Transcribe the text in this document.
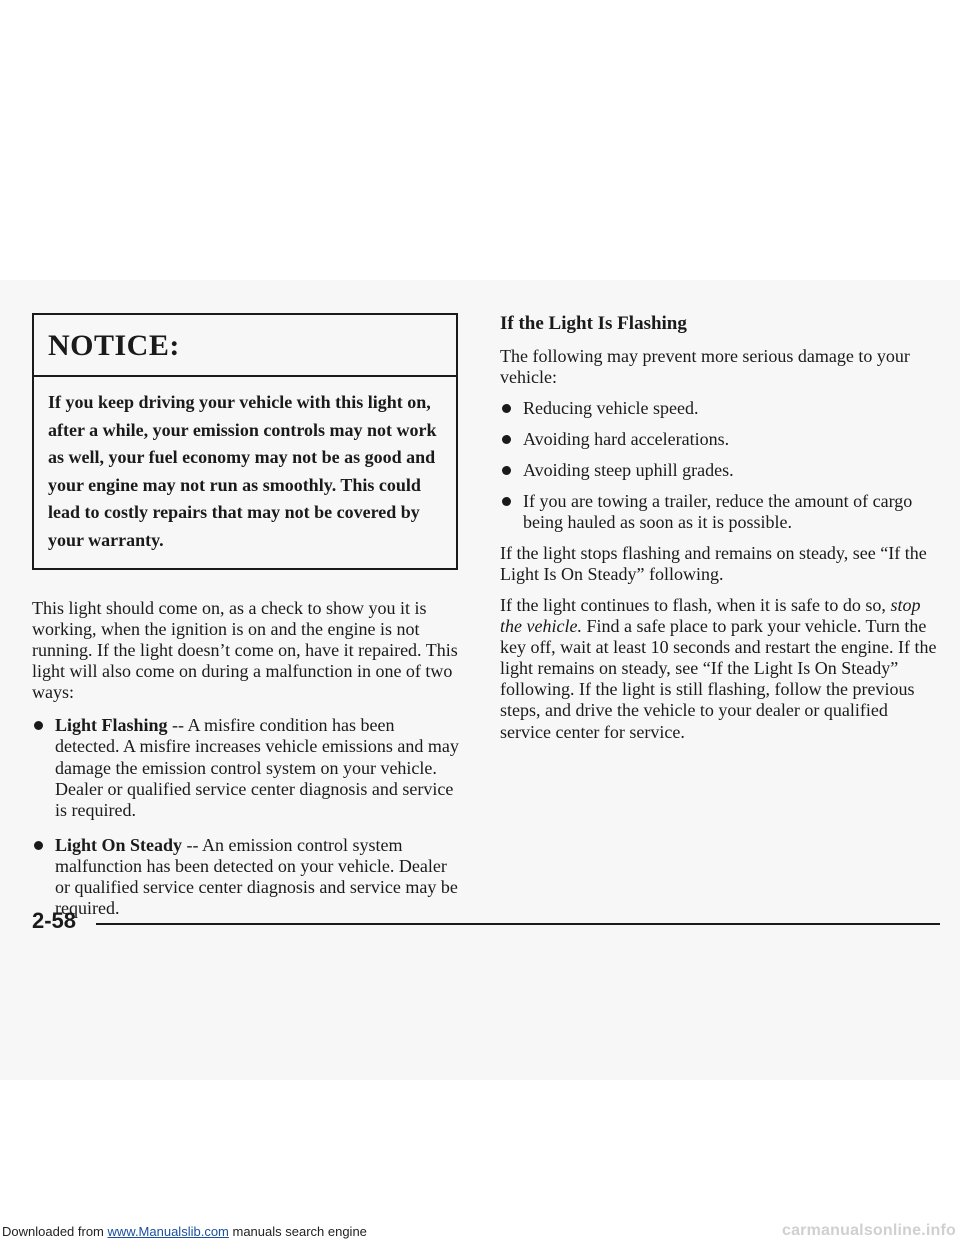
NOTICE:
If you keep driving your vehicle with this light on, after a while, your emission controls may not work as well, your fuel economy may not be as good and your engine may not run as smoothly. This could lead to costly repairs that may not be covered by your warranty.

This light should come on, as a check to show you it is working, when the ignition is on and the engine is not running. If the light doesn’t come on, have it repaired. This light will also come on during a malfunction in one of two ways:

Light Flashing -- A misfire condition has been detected. A misfire increases vehicle emissions and may damage the emission control system on your vehicle. Dealer or qualified service center diagnosis and service is required.
Light On Steady -- An emission control system malfunction has been detected on your vehicle. Dealer or qualified service center diagnosis and service may be required.
If the Light Is Flashing

The following may prevent more serious damage to your vehicle:

Reducing vehicle speed.
Avoiding hard accelerations.
Avoiding steep uphill grades.
If you are towing a trailer, reduce the amount of cargo being hauled as soon as it is possible.

If the light stops flashing and remains on steady, see “If the Light Is On Steady” following.

If the light continues to flash, when it is safe to do so, stop the vehicle. Find a safe place to park your vehicle. Turn the key off, wait at least 10 seconds and restart the engine. If the light remains on steady, see “If the Light Is On Steady” following. If the light is still flashing, follow the previous steps, and drive the vehicle to your dealer or qualified service center for service.

2-58
Downloaded from www.Manualslib.com manuals search engine	carmanualsonline.info
